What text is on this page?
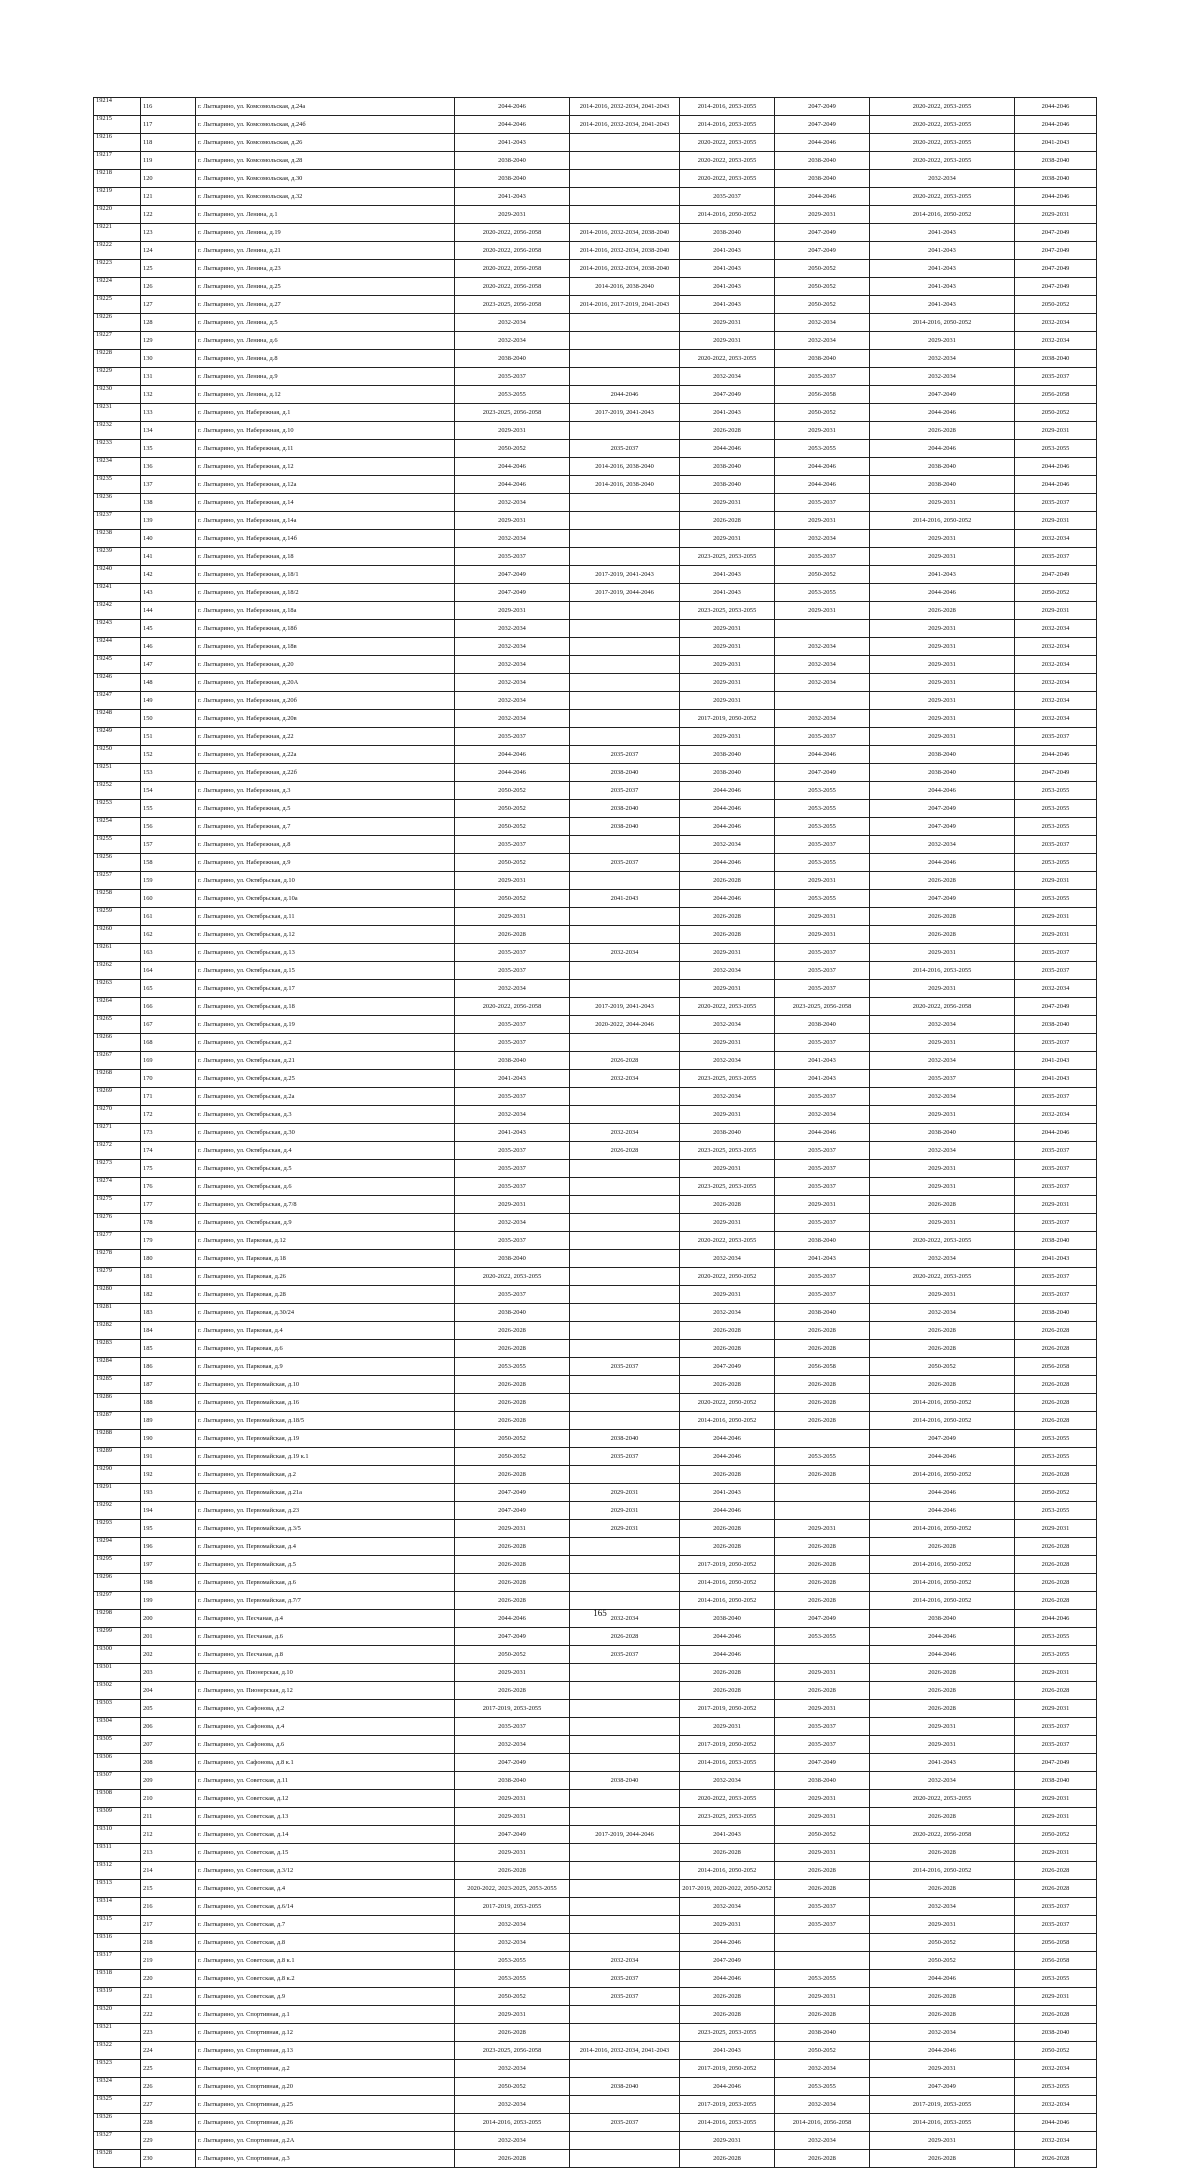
19214	116	г. Лыткарино, ул. Комсомольская, д.24а	2044-2046	2014-2016, 2032-2034, 2041-2043	2014-2016, 2053-2055	2047-2049	2020-2022, 2053-2055	2044-2046
19215	117	г. Лыткарино, ул. Комсомольская, д.24б	2044-2046	2014-2016, 2032-2034, 2041-2043	2014-2016, 2053-2055	2047-2049	2020-2022, 2053-2055	2044-2046
19216	118	г. Лыткарино, ул. Комсомольская, д.26	2041-2043		2020-2022, 2053-2055	2044-2046	2020-2022, 2053-2055	2041-2043
19217	119	г. Лыткарино, ул. Комсомольская, д.28	2038-2040		2020-2022, 2053-2055	2038-2040	2020-2022, 2053-2055	2038-2040
19218	120	г. Лыткарино, ул. Комсомольская, д.30	2038-2040		2020-2022, 2053-2055	2038-2040	2032-2034	2038-2040
19219	121	г. Лыткарино, ул. Комсомольская, д.32	2041-2043		2035-2037	2044-2046	2020-2022, 2053-2055	2044-2046
19220	122	г. Лыткарино, ул. Ленина, д.1	2029-2031		2014-2016, 2050-2052	2029-2031	2014-2016, 2050-2052	2029-2031
19221	123	г. Лыткарино, ул. Ленина, д.19	2020-2022, 2056-2058	2014-2016, 2032-2034, 2038-2040	2038-2040	2047-2049	2041-2043	2047-2049
19222	124	г. Лыткарино, ул. Ленина, д.21	2020-2022, 2056-2058	2014-2016, 2032-2034, 2038-2040	2041-2043	2047-2049	2041-2043	2047-2049
19223	125	г. Лыткарино, ул. Ленина, д.23	2020-2022, 2056-2058	2014-2016, 2032-2034, 2038-2040	2041-2043	2050-2052	2041-2043	2047-2049
19224	126	г. Лыткарино, ул. Ленина, д.25	2020-2022, 2056-2058	2014-2016, 2038-2040	2041-2043	2050-2052	2041-2043	2047-2049
19225	127	г. Лыткарино, ул. Ленина, д.27	2023-2025, 2056-2058	2014-2016, 2017-2019, 2041-2043	2041-2043	2050-2052	2041-2043	2050-2052
19226	128	г. Лыткарино, ул. Ленина, д.5	2032-2034		2029-2031	2032-2034	2014-2016, 2050-2052	2032-2034
19227	129	г. Лыткарино, ул. Ленина, д.6	2032-2034		2029-2031	2032-2034	2029-2031	2032-2034
19228	130	г. Лыткарино, ул. Ленина, д.8	2038-2040		2020-2022, 2053-2055	2038-2040	2032-2034	2038-2040
19229	131	г. Лыткарино, ул. Ленина, д.9	2035-2037		2032-2034	2035-2037	2032-2034	2035-2037
19230	132	г. Лыткарино, ул. Ленина, д.12	2053-2055	2044-2046	2047-2049	2056-2058	2047-2049	2056-2058
19231	133	г. Лыткарино, ул. Набережная, д.1	2023-2025, 2056-2058	2017-2019, 2041-2043	2041-2043	2050-2052	2044-2046	2050-2052
19232	134	г. Лыткарино, ул. Набережная, д.10	2029-2031		2026-2028	2029-2031	2026-2028	2029-2031
19233	135	г. Лыткарино, ул. Набережная, д.11	2050-2052	2035-2037	2044-2046	2053-2055	2044-2046	2053-2055
19234	136	г. Лыткарино, ул. Набережная, д.12	2044-2046	2014-2016, 2038-2040	2038-2040	2044-2046	2038-2040	2044-2046
19235	137	г. Лыткарино, ул. Набережная, д.12а	2044-2046	2014-2016, 2038-2040	2038-2040	2044-2046	2038-2040	2044-2046
19236	138	г. Лыткарино, ул. Набережная, д.14	2032-2034		2029-2031	2035-2037	2029-2031	2035-2037
19237	139	г. Лыткарино, ул. Набережная, д.14а	2029-2031		2026-2028	2029-2031	2014-2016, 2050-2052	2029-2031
19238	140	г. Лыткарино, ул. Набережная, д.14б	2032-2034		2029-2031	2032-2034	2029-2031	2032-2034
19239	141	г. Лыткарино, ул. Набережная, д.18	2035-2037		2023-2025, 2053-2055	2035-2037	2029-2031	2035-2037
19240	142	г. Лыткарино, ул. Набережная, д.18/1	2047-2049	2017-2019, 2041-2043	2041-2043	2050-2052	2041-2043	2047-2049
19241	143	г. Лыткарино, ул. Набережная, д.18/2	2047-2049	2017-2019, 2044-2046	2041-2043	2053-2055	2044-2046	2050-2052
19242	144	г. Лыткарино, ул. Набережная, д.18а	2029-2031		2023-2025, 2053-2055	2029-2031	2026-2028	2029-2031
19243	145	г. Лыткарино, ул. Набережная, д.18б	2032-2034		2029-2031		2029-2031	2032-2034
19244	146	г. Лыткарино, ул. Набережная, д.18в	2032-2034		2029-2031	2032-2034	2029-2031	2032-2034
19245	147	г. Лыткарино, ул. Набережная, д.20	2032-2034		2029-2031	2032-2034	2029-2031	2032-2034
19246	148	г. Лыткарино, ул. Набережная, д.20А	2032-2034		2029-2031	2032-2034	2029-2031	2032-2034
19247	149	г. Лыткарино, ул. Набережная, д.20б	2032-2034		2029-2031		2029-2031	2032-2034
19248	150	г. Лыткарино, ул. Набережная, д.20в	2032-2034		2017-2019, 2050-2052	2032-2034	2029-2031	2032-2034
19249	151	г. Лыткарино, ул. Набережная, д.22	2035-2037		2029-2031	2035-2037	2029-2031	2035-2037
19250	152	г. Лыткарино, ул. Набережная, д.22а	2044-2046	2035-2037	2038-2040	2044-2046	2038-2040	2044-2046
19251	153	г. Лыткарино, ул. Набережная, д.22б	2044-2046	2038-2040	2038-2040	2047-2049	2038-2040	2047-2049
19252	154	г. Лыткарино, ул. Набережная, д.3	2050-2052	2035-2037	2044-2046	2053-2055	2044-2046	2053-2055
19253	155	г. Лыткарино, ул. Набережная, д.5	2050-2052	2038-2040	2044-2046	2053-2055	2047-2049	2053-2055
19254	156	г. Лыткарино, ул. Набережная, д.7	2050-2052	2038-2040	2044-2046	2053-2055	2047-2049	2053-2055
19255	157	г. Лыткарино, ул. Набережная, д.8	2035-2037		2032-2034	2035-2037	2032-2034	2035-2037
19256	158	г. Лыткарино, ул. Набережная, д.9	2050-2052	2035-2037	2044-2046	2053-2055	2044-2046	2053-2055
19257	159	г. Лыткарино, ул. Октябрьская, д.10	2029-2031		2026-2028	2029-2031	2026-2028	2029-2031
19258	160	г. Лыткарино, ул. Октябрьская, д.10а	2050-2052	2041-2043	2044-2046	2053-2055	2047-2049	2053-2055
19259	161	г. Лыткарино, ул. Октябрьская, д.11	2029-2031		2026-2028	2029-2031	2026-2028	2029-2031
19260	162	г. Лыткарино, ул. Октябрьская, д.12	2026-2028		2026-2028	2029-2031	2026-2028	2029-2031
19261	163	г. Лыткарино, ул. Октябрьская, д.13	2035-2037	2032-2034	2029-2031	2035-2037	2029-2031	2035-2037
19262	164	г. Лыткарино, ул. Октябрьская, д.15	2035-2037		2032-2034	2035-2037	2014-2016, 2053-2055	2035-2037
19263	165	г. Лыткарино, ул. Октябрьская, д.17	2032-2034		2029-2031	2035-2037	2029-2031	2032-2034
19264	166	г. Лыткарино, ул. Октябрьская, д.18	2020-2022, 2056-2058	2017-2019, 2041-2043	2020-2022, 2053-2055	2023-2025, 2056-2058	2020-2022, 2056-2058	2047-2049
19265	167	г. Лыткарино, ул. Октябрьская, д.19	2035-2037	2020-2022, 2044-2046	2032-2034	2038-2040	2032-2034	2038-2040
19266	168	г. Лыткарино, ул. Октябрьская, д.2	2035-2037		2029-2031	2035-2037	2029-2031	2035-2037
19267	169	г. Лыткарино, ул. Октябрьская, д.21	2038-2040	2026-2028	2032-2034	2041-2043	2032-2034	2041-2043
19268	170	г. Лыткарино, ул. Октябрьская, д.25	2041-2043	2032-2034	2023-2025, 2053-2055	2041-2043	2035-2037	2041-2043
19269	171	г. Лыткарино, ул. Октябрьская, д.2а	2035-2037		2032-2034	2035-2037	2032-2034	2035-2037
19270	172	г. Лыткарино, ул. Октябрьская, д.3	2032-2034		2029-2031	2032-2034	2029-2031	2032-2034
19271	173	г. Лыткарино, ул. Октябрьская, д.30	2041-2043	2032-2034	2038-2040	2044-2046	2038-2040	2044-2046
19272	174	г. Лыткарино, ул. Октябрьская, д.4	2035-2037	2026-2028	2023-2025, 2053-2055	2035-2037	2032-2034	2035-2037
19273	175	г. Лыткарино, ул. Октябрьская, д.5	2035-2037		2029-2031	2035-2037	2029-2031	2035-2037
19274	176	г. Лыткарино, ул. Октябрьская, д.6	2035-2037		2023-2025, 2053-2055	2035-2037	2029-2031	2035-2037
19275	177	г. Лыткарино, ул. Октябрьская, д.7/8	2029-2031		2026-2028	2029-2031	2026-2028	2029-2031
19276	178	г. Лыткарино, ул. Октябрьская, д.9	2032-2034		2029-2031	2035-2037	2029-2031	2035-2037
19277	179	г. Лыткарино, ул. Парковая, д.12	2035-2037		2020-2022, 2053-2055	2038-2040	2020-2022, 2053-2055	2038-2040
19278	180	г. Лыткарино, ул. Парковая, д.18	2038-2040		2032-2034	2041-2043	2032-2034	2041-2043
19279	181	г. Лыткарино, ул. Парковая, д.26	2020-2022, 2053-2055		2020-2022, 2050-2052	2035-2037	2020-2022, 2053-2055	2035-2037
19280	182	г. Лыткарино, ул. Парковая, д.28	2035-2037		2029-2031	2035-2037	2029-2031	2035-2037
19281	183	г. Лыткарино, ул. Парковая, д.30/24	2038-2040		2032-2034	2038-2040	2032-2034	2038-2040
19282	184	г. Лыткарино, ул. Парковая, д.4	2026-2028		2026-2028	2026-2028	2026-2028	2026-2028
19283	185	г. Лыткарино, ул. Парковая, д.6	2026-2028		2026-2028	2026-2028	2026-2028	2026-2028
19284	186	г. Лыткарино, ул. Парковая, д.9	2053-2055	2035-2037	2047-2049	2056-2058	2050-2052	2056-2058
19285	187	г. Лыткарино, ул. Первомайская, д.10	2026-2028		2026-2028	2026-2028	2026-2028	2026-2028
19286	188	г. Лыткарино, ул. Первомайская, д.16	2026-2028		2020-2022, 2050-2052	2026-2028	2014-2016, 2050-2052	2026-2028
19287	189	г. Лыткарино, ул. Первомайская, д.18/5	2026-2028		2014-2016, 2050-2052	2026-2028	2014-2016, 2050-2052	2026-2028
19288	190	г. Лыткарино, ул. Первомайская, д.19	2050-2052	2038-2040	2044-2046		2047-2049	2053-2055
19289	191	г. Лыткарино, ул. Первомайская, д.19 к.1	2050-2052	2035-2037	2044-2046	2053-2055	2044-2046	2053-2055
19290	192	г. Лыткарино, ул. Первомайская, д.2	2026-2028		2026-2028	2026-2028	2014-2016, 2050-2052	2026-2028
19291	193	г. Лыткарино, ул. Первомайская, д.21а	2047-2049	2029-2031	2041-2043		2044-2046	2050-2052
19292	194	г. Лыткарино, ул. Первомайская, д.23	2047-2049	2029-2031	2044-2046		2044-2046	2053-2055
19293	195	г. Лыткарино, ул. Первомайская, д.3/5	2029-2031	2029-2031	2026-2028	2029-2031	2014-2016, 2050-2052	2029-2031
19294	196	г. Лыткарино, ул. Первомайская, д.4	2026-2028		2026-2028	2026-2028	2026-2028	2026-2028
19295	197	г. Лыткарино, ул. Первомайская, д.5	2026-2028		2017-2019, 2050-2052	2026-2028	2014-2016, 2050-2052	2026-2028
19296	198	г. Лыткарино, ул. Первомайская, д.6	2026-2028		2014-2016, 2050-2052	2026-2028	2014-2016, 2050-2052	2026-2028
19297	199	г. Лыткарино, ул. Первомайская, д.7/7	2026-2028		2014-2016, 2050-2052	2026-2028	2014-2016, 2050-2052	2026-2028
19298	200	г. Лыткарино, ул. Песчаная, д.4	2044-2046	2032-2034	2038-2040	2047-2049	2038-2040	2044-2046
19299	201	г. Лыткарино, ул. Песчаная, д.6	2047-2049	2026-2028	2044-2046	2053-2055	2044-2046	2053-2055
19300	202	г. Лыткарино, ул. Песчаная, д.8	2050-2052	2035-2037	2044-2046		2044-2046	2053-2055
19301	203	г. Лыткарино, ул. Пионерская, д.10	2029-2031		2026-2028	2029-2031	2026-2028	2029-2031
19302	204	г. Лыткарино, ул. Пионерская, д.12	2026-2028		2026-2028	2026-2028	2026-2028	2026-2028
19303	205	г. Лыткарино, ул. Сафонова, д.2	2017-2019, 2053-2055		2017-2019, 2050-2052	2029-2031	2026-2028	2029-2031
19304	206	г. Лыткарино, ул. Сафонова, д.4	2035-2037		2029-2031	2035-2037	2029-2031	2035-2037
19305	207	г. Лыткарино, ул. Сафонова, д.6	2032-2034		2017-2019, 2050-2052	2035-2037	2029-2031	2035-2037
19306	208	г. Лыткарино, ул. Сафонова, д.8 к.1	2047-2049		2014-2016, 2053-2055	2047-2049	2041-2043	2047-2049
19307	209	г. Лыткарино, ул. Советская, д.11	2038-2040	2038-2040	2032-2034	2038-2040	2032-2034	2038-2040
19308	210	г. Лыткарино, ул. Советская, д.12	2029-2031		2020-2022, 2053-2055	2029-2031	2020-2022, 2053-2055	2029-2031
19309	211	г. Лыткарино, ул. Советская, д.13	2029-2031		2023-2025, 2053-2055	2029-2031	2026-2028	2029-2031
19310	212	г. Лыткарино, ул. Советская, д.14	2047-2049	2017-2019, 2044-2046	2041-2043	2050-2052	2020-2022, 2056-2058	2050-2052
19311	213	г. Лыткарино, ул. Советская, д.15	2029-2031		2026-2028	2029-2031	2026-2028	2029-2031
19312	214	г. Лыткарино, ул. Советская, д.3/12	2026-2028		2014-2016, 2050-2052	2026-2028	2014-2016, 2050-2052	2026-2028
19313	215	г. Лыткарино, ул. Советская, д.4	2020-2022, 2023-2025, 2053-2055		2017-2019, 2020-2022, 2050-2052	2026-2028	2026-2028	2026-2028
19314	216	г. Лыткарино, ул. Советская, д.6/14	2017-2019, 2053-2055		2032-2034	2035-2037	2032-2034	2035-2037
19315	217	г. Лыткарино, ул. Советская, д.7	2032-2034		2029-2031	2035-2037	2029-2031	2035-2037
19316	218	г. Лыткарино, ул. Советская, д.8	2032-2034		2044-2046		2050-2052	2056-2058
19317	219	г. Лыткарино, ул. Советская, д.8 к.1	2053-2055	2032-2034	2047-2049		2050-2052	2056-2058
19318	220	г. Лыткарино, ул. Советская, д.8 к.2	2053-2055	2035-2037	2044-2046	2053-2055	2044-2046	2053-2055
19319	221	г. Лыткарино, ул. Советская, д.9	2050-2052	2035-2037	2026-2028	2029-2031	2026-2028	2029-2031
19320	222	г. Лыткарино, ул. Спортивная, д.1	2029-2031		2026-2028	2026-2028	2026-2028	2026-2028
19321	223	г. Лыткарино, ул. Спортивная, д.12	2026-2028		2023-2025, 2053-2055	2038-2040	2032-2034	2038-2040
19322	224	г. Лыткарино, ул. Спортивная, д.13	2023-2025, 2056-2058	2014-2016, 2032-2034, 2041-2043	2041-2043	2050-2052	2044-2046	2050-2052
19323	225	г. Лыткарино, ул. Спортивная, д.2	2032-2034		2017-2019, 2050-2052	2032-2034	2029-2031	2032-2034
19324	226	г. Лыткарино, ул. Спортивная, д.20	2050-2052	2038-2040	2044-2046	2053-2055	2047-2049	2053-2055
19325	227	г. Лыткарино, ул. Спортивная, д.25	2032-2034		2017-2019, 2053-2055	2032-2034	2017-2019, 2053-2055	2032-2034
19326	228	г. Лыткарино, ул. Спортивная, д.26	2014-2016, 2053-2055	2035-2037	2014-2016, 2053-2055	2014-2016, 2056-2058	2014-2016, 2053-2055	2044-2046
19327	229	г. Лыткарино, ул. Спортивная, д.2А	2032-2034		2029-2031	2032-2034	2029-2031	2032-2034
19328	230	г. Лыткарино, ул. Спортивная, д.3	2026-2028		2026-2028	2026-2028	2026-2028	2026-2028
165
